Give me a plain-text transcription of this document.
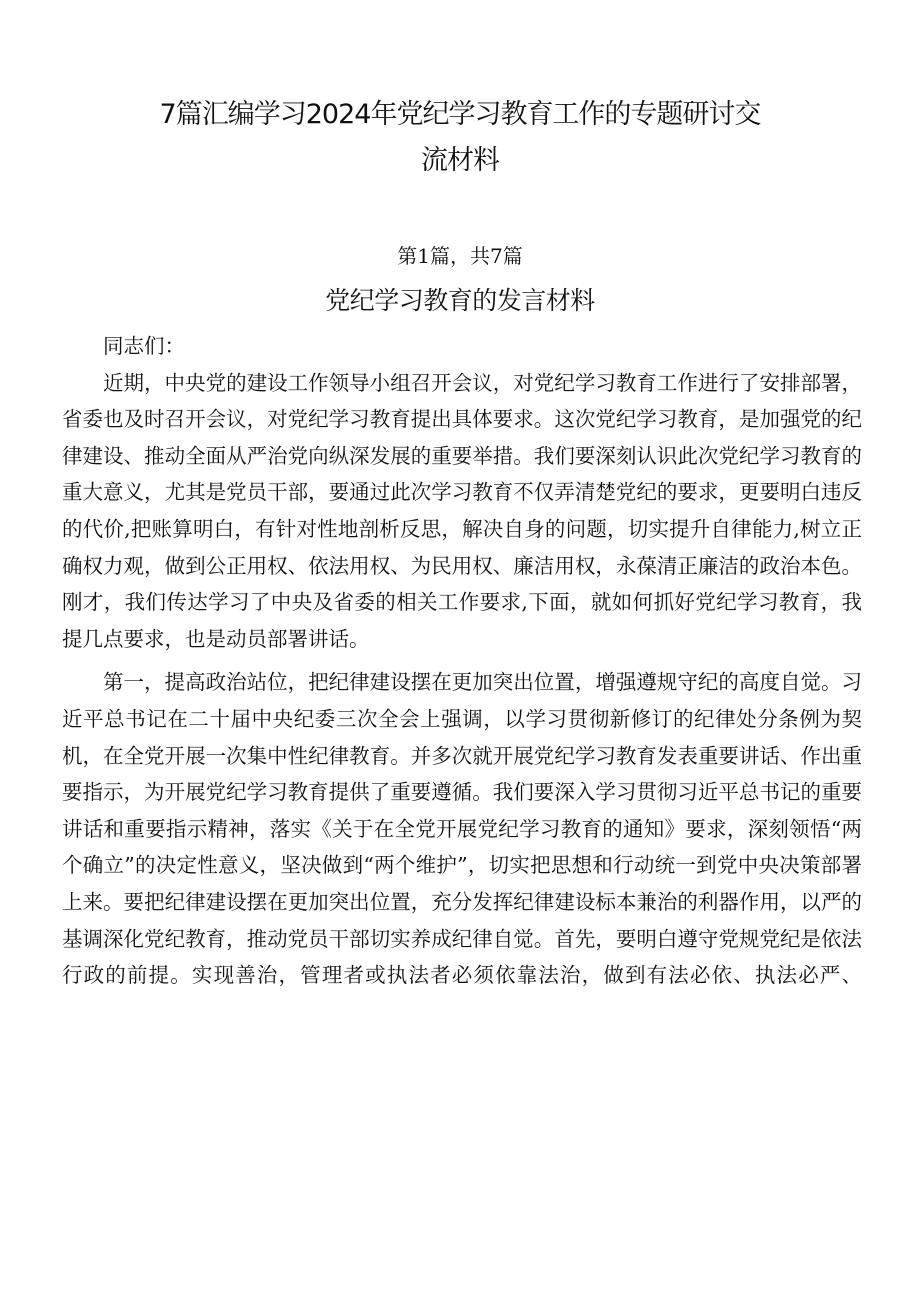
7篇汇编学习2024年党纪学习教育工作的专题研讨交
流材料
第1篇，共7篇
党纪学习教育的发言材料

同志们：

近期，中央党的建设工作领导小组召开会议，对党纪学习教育工作进行了安排部署，省委也及时召开会议，对党纪学习教育提出具体要求。这次党纪学习教育，是加强党的纪律建设、推动全面从严治党向纵深发展的重要举措。我们要深刻认识此次党纪学习教育的重大意义，尤其是党员干部，要通过此次学习教育不仅弄清楚党纪的要求，更要明白违反的代价,把账算明白，有针对性地剖析反思，解决自身的问题，切实提升自律能力,树立正确权力观，做到公正用权、依法用权、为民用权、廉洁用权，永葆清正廉洁的政治本色。刚才，我们传达学习了中央及省委的相关工作要求,下面，就如何抓好党纪学习教育，我提几点要求，也是动员部署讲话。

第一，提高政治站位，把纪律建设摆在更加突出位置，增强遵规守纪的高度自觉。习近平总书记在二十届中央纪委三次全会上强调，以学习贯彻新修订的纪律处分条例为契机，在全党开展一次集中性纪律教育。并多次就开展党纪学习教育发表重要讲话、作出重要指示，为开展党纪学习教育提供了重要遵循。我们要深入学习贯彻习近平总书记的重要讲话和重要指示精神，落实《关于在全党开展党纪学习教育的通知》要求，深刻领悟“两个确立”的决定性意义，坚决做到“两个维护”，切实把思想和行动统一到党中央决策部署上来。要把纪律建设摆在更加突出位置，充分发挥纪律建设标本兼治的利器作用，以严的基调深化党纪教育，推动党员干部切实养成纪律自觉。首先，要明白遵守党规党纪是依法行政的前提。实现善治，管理者或执法者必须依靠法治，做到有法必依、执法必严、
